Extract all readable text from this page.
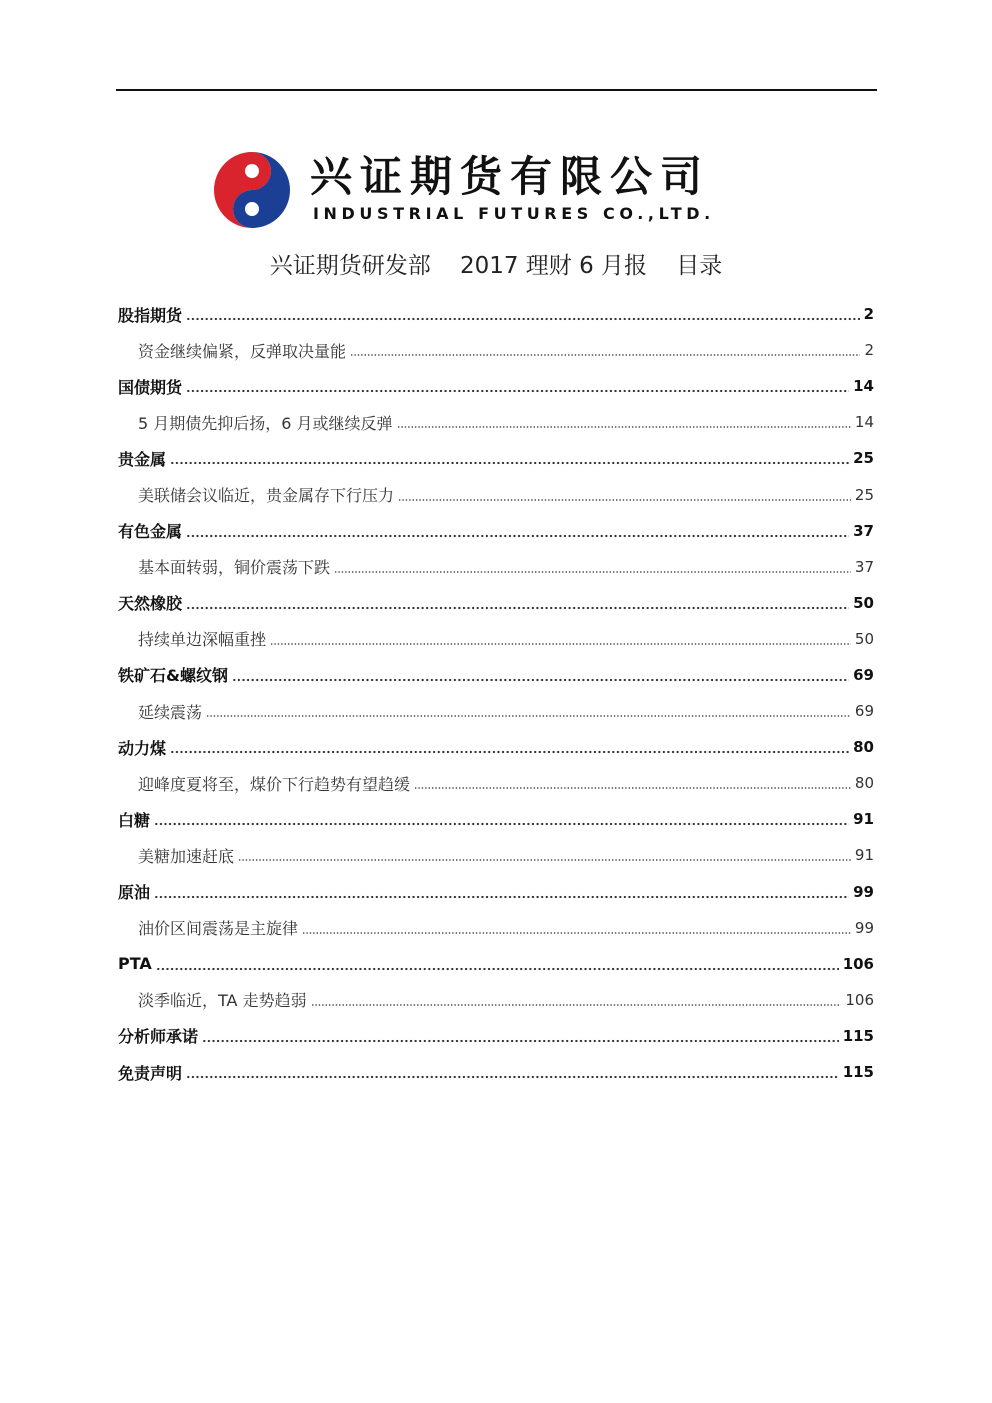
兴证期货有限公司
INDUSTRIAL FUTURES CO.,LTD.
兴证期货研发部    2017 理财 6 月报    目录
股指期货	2
资金继续偏紧，反弹取决量能	2
国债期货	14
5 月期债先抑后扬，6 月或继续反弹	14
贵金属	25
美联储会议临近，贵金属存下行压力	25
有色金属	37
基本面转弱，铜价震荡下跌	37
天然橡胶	50
持续单边深幅重挫	50
铁矿石&螺纹钢	69
延续震荡	69
动力煤	80
迎峰度夏将至，煤价下行趋势有望趋缓	80
白糖	91
美糖加速赶底	91
原油	99
油价区间震荡是主旋律	99
PTA	106
淡季临近，TA 走势趋弱	106
分析师承诺	115
免责声明	115
